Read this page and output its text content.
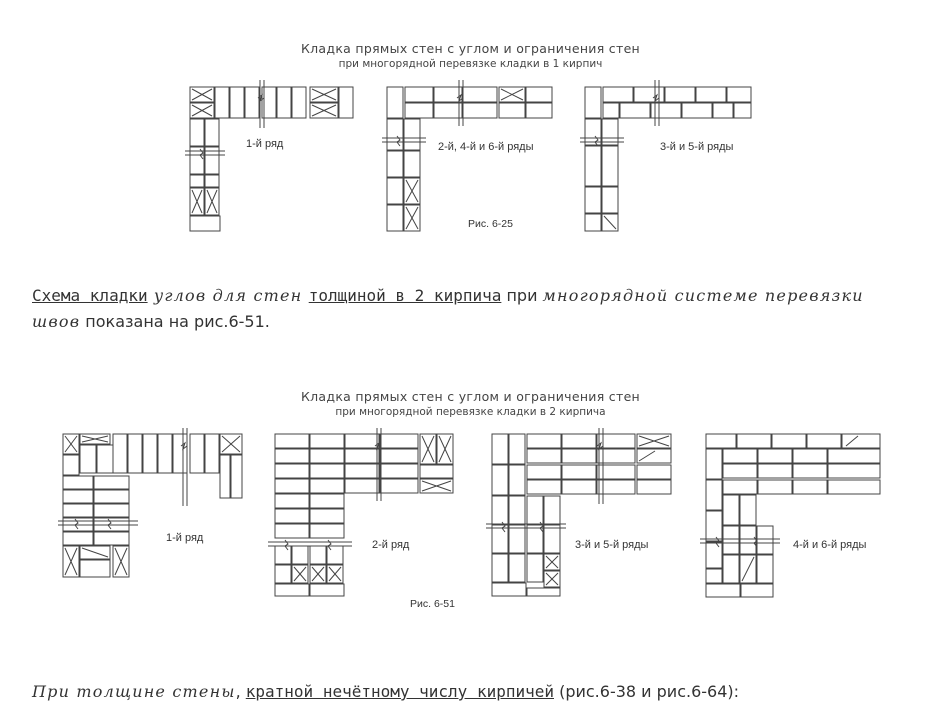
Кладка прямых стен с углом и ограничения стен
при многорядной перевязке кладки в 1 кирпич
1-й ряд	2-й, 4-й и 6-й ряды	3-й и 5-й ряды
Рис. 6-25
Схема кладки углов для стен толщиной в 2 кирпича при многорядной системе перевязки швов показана на рис.6-51.
Кладка прямых стен с углом и ограничения стен
при многорядной перевязке кладки в 2 кирпича
1-й ряд
2-й ряд	3-й и 5-й ряды	4-й и 6-й ряды
Рис. 6-51
При толщине стены, кратной нечётному числу кирпичей (рис.6-38 и рис.6-64):
